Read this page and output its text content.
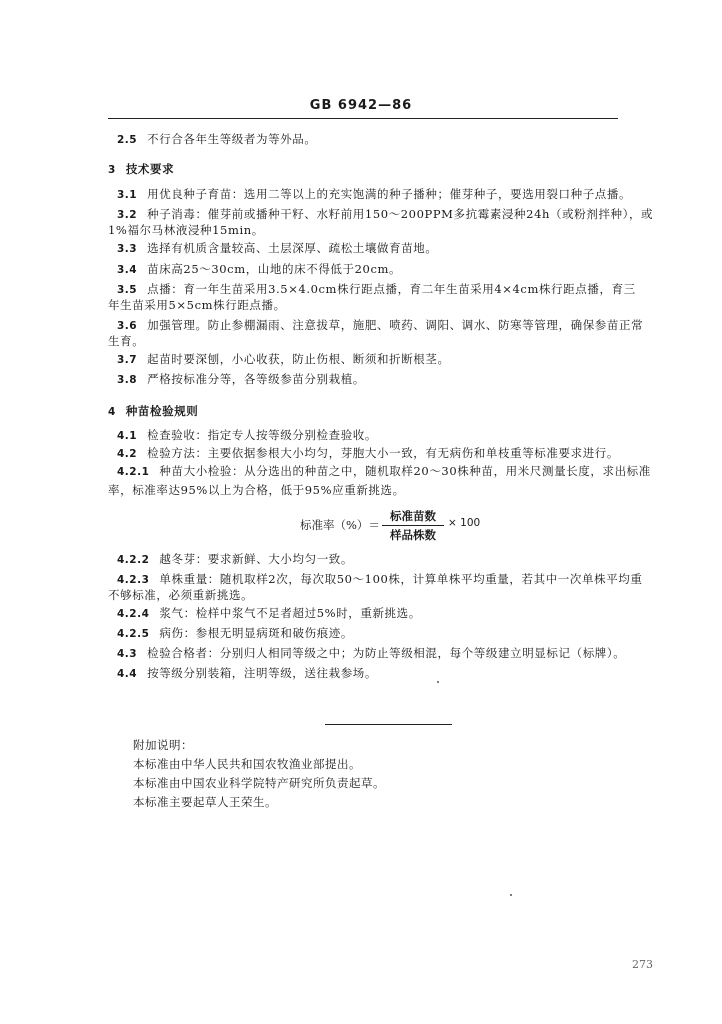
GB 6942—86
2.5 不行合各年生等级者为等外品。
3 技术要求
3.1 用优良种子育苗：选用二等以上的充实饱满的种子播种；催芽种子，要选用裂口种子点播。
3.2 种子消毒：催芽前或播种干籽、水籽前用150～200PPM多抗霉素浸种24h（或粉剂拌种），或
1%福尔马林液浸种15min。
3.3 选择有机质含量较高、土层深厚、疏松土壤做育苗地。
3.4 苗床高25～30cm，山地的床不得低于20cm。
3.5 点播：育一年生苗采用3.5×4.0cm株行距点播，育二年生苗采用4×4cm株行距点播，育三
年生苗采用5×5cm株行距点播。
3.6 加强管理。防止参棚漏雨、注意拔草，施肥、喷药、调阳、调水、防寒等管理，确保参苗正常
生育。
3.7 起苗时要深刨，小心收获，防止伤根、断须和折断根茎。
3.8 严格按标准分等，各等级参苗分别栽植。
4 种苗检验规则
4.1 检查验收：指定专人按等级分别检查验收。
4.2 检验方法：主要依据参根大小均匀，芽胞大小一致，有无病伤和单枝重等标准要求进行。
4.2.1 种苗大小检验：从分选出的种苗之中，随机取样20～30株种苗，用米尺测量长度，求出标准
率，标准率达95%以上为合格，低于95%应重新挑选。
4.2.2 越冬芽：要求新鲜、大小均匀一致。
4.2.3 单株重量：随机取样2次，每次取50～100株，计算单株平均重量，若其中一次单株平均重
不够标准，必须重新挑选。
4.2.4 浆气：检样中浆气不足者超过5%时，重新挑选。
4.2.5 病伤：参根无明显病斑和破伤痕迹。
4.3 检验合格者：分别归人相同等级之中；为防止等级相混，每个等级建立明显标记（标牌）。
4.4 按等级分别装箱，注明等级，送往栽参场。
标准率（%）＝
标准苗数
样品株数
× 100
附加说明：
本标准由中华人民共和国农牧渔业部提出。
本标准由中国农业科学院特产研究所负责起草。
本标准主要起草人王荣生。
273
